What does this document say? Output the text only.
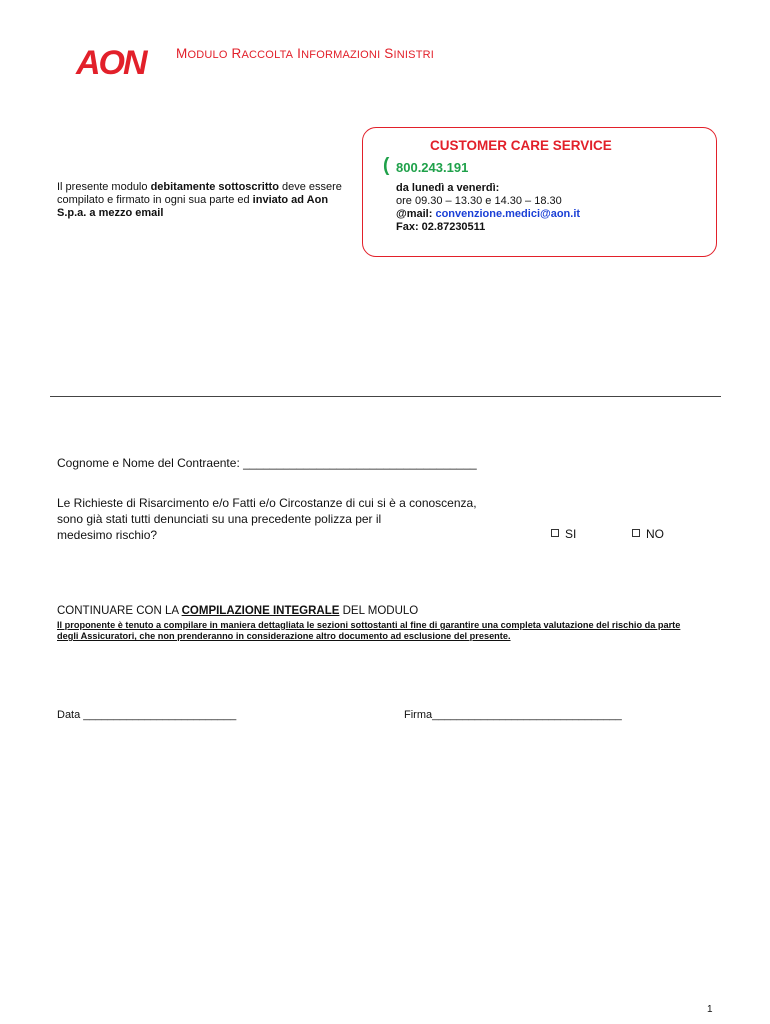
AON MODULO RACCOLTA INFORMAZIONI SINISTRI
Il presente modulo debitamente sottoscritto deve essere compilato e firmato in ogni sua parte ed inviato ad Aon S.p.a. a mezzo email
CUSTOMER CARE SERVICE
( 800.243.191
da lunedì a venerdì:
ore 09.30 – 13.30 e 14.30 – 18.30
@mail: convenzione.medici@aon.it
Fax: 02.87230511
Cognome e Nome del Contraente: ___________________________________
Le Richieste di Risarcimento e/o Fatti e/o Circostanze di cui si è a conoscenza,
sono già stati tutti denunciati su una precedente polizza per il
medesimo rischio?	SI	NO
CONTINUARE CON LA COMPILAZIONE INTEGRALE DEL MODULO
Il proponente è tenuto a compilare in maniera dettagliata le sezioni sottostanti al fine di garantire una completa valutazione del rischio da parte degli Assicuratori, che non prenderanno in considerazione altro documento ad esclusione del presente.
Data _________________________	Firma_______________________________
1
